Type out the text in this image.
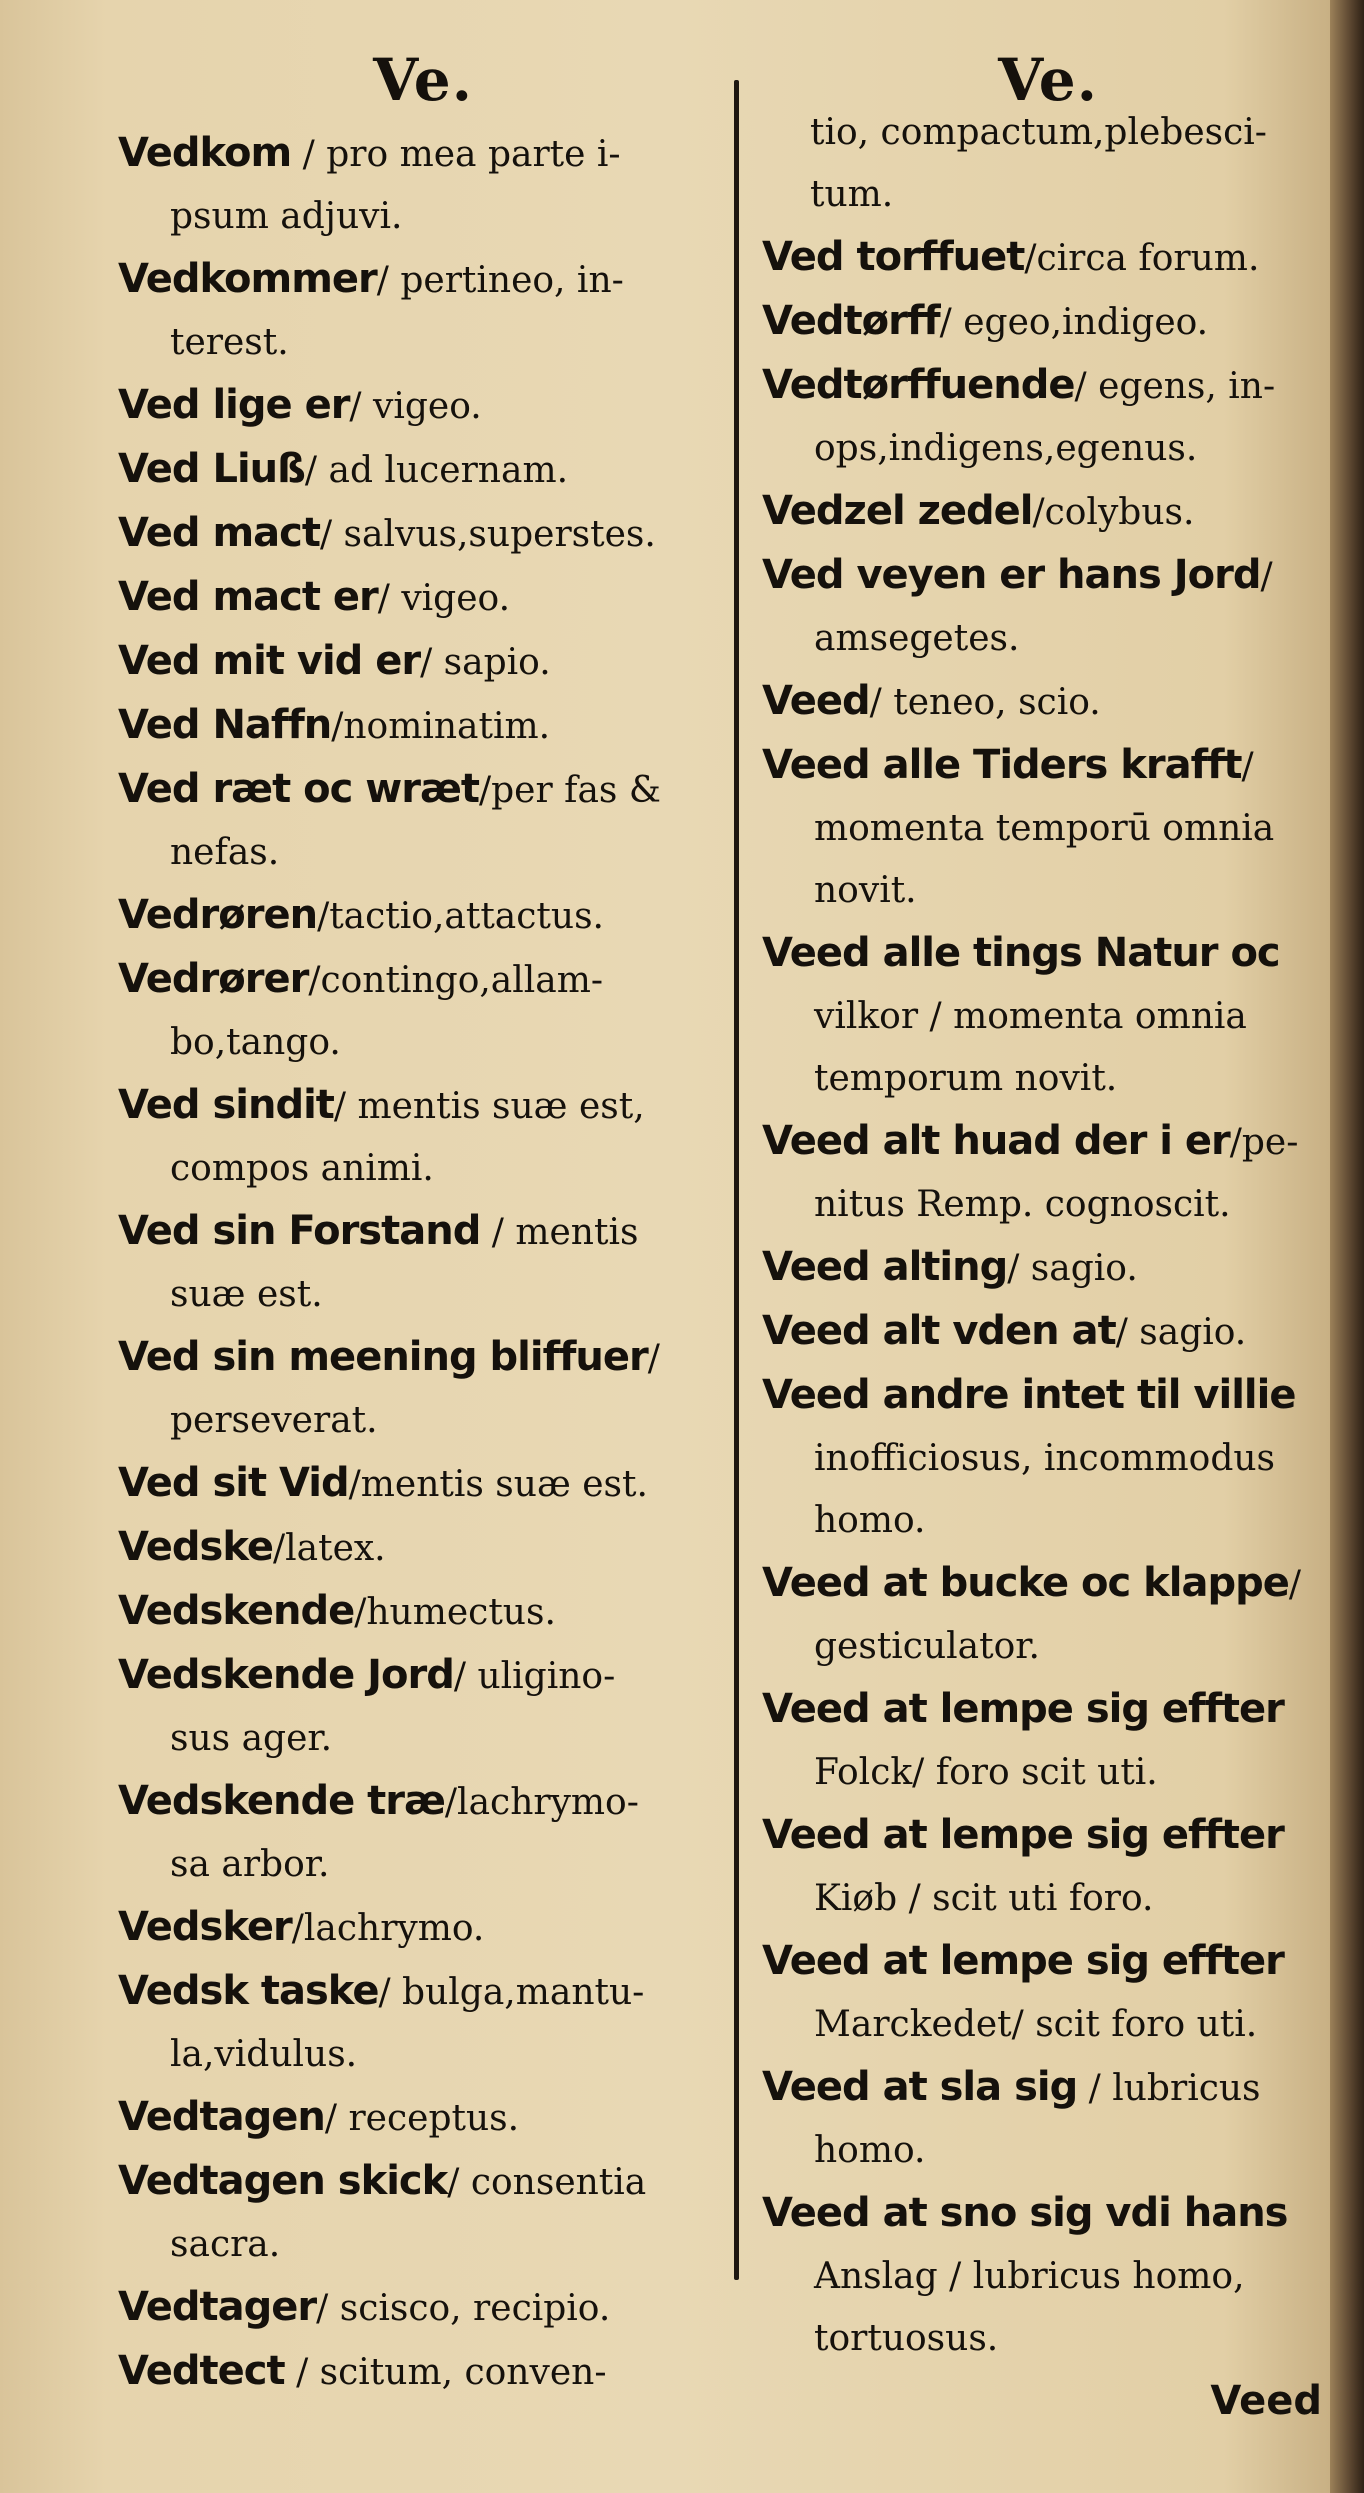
Ve.
Vedkom / pro mea parte i-
psum adjuvi.
Vedkommer/ pertineo, in-
terest.
Ved lige er/ vigeo.
Ved Liuß/ ad lucernam.
Ved mact/ salvus,superstes.
Ved mact er/ vigeo.
Ved mit vid er/ sapio.
Ved Naffn/nominatim.
Ved ræt oc wræt/per fas &
nefas.
Vedrøren/tactio,attactus.
Vedrører/contingo,allam-
bo,tango.
Ved sindit/ mentis suæ est,
compos animi.
Ved sin Forstand / mentis
suæ est.
Ved sin meening bliffuer/
perseverat.
Ved sit Vid/mentis suæ est.
Vedske/latex.
Vedskende/humectus.
Vedskende Jord/ uligino-
sus ager.
Vedskende træ/lachrymo-
sa arbor.
Vedsker/lachrymo.
Vedsk taske/ bulga,mantu-
la,vidulus.
Vedtagen/ receptus.
Vedtagen skick/ consentia
sacra.
Vedtager/ scisco, recipio.
Vedtect / scitum, conven-
Ve.
tio, compactum,plebesci-
tum.
Ved torffuet/circa forum.
Vedtørff/ egeo,indigeo.
Vedtørffuende/ egens, in-
ops,indigens,egenus.
Vedzel zedel/colybus.
Ved veyen er hans Jord/
amsegetes.
Veed/ teneo, scio.
Veed alle Tiders krafft/
momenta temporū omnia
novit.
Veed alle tings Natur oc
vilkor / momenta omnia
temporum novit.
Veed alt huad der i er/pe-
nitus Remp. cognoscit.
Veed alting/ sagio.
Veed alt vden at/ sagio.
Veed andre intet til villie
inofficiosus, incommodus
homo.
Veed at bucke oc klappe/
gesticulator.
Veed at lempe sig effter
Folck/ foro scit uti.
Veed at lempe sig effter
Kiøb / scit uti foro.
Veed at lempe sig effter
Marckedet/ scit foro uti.
Veed at sla sig / lubricus
homo.
Veed at sno sig vdi hans
Anslag / lubricus homo,
tortuosus.
Veed
